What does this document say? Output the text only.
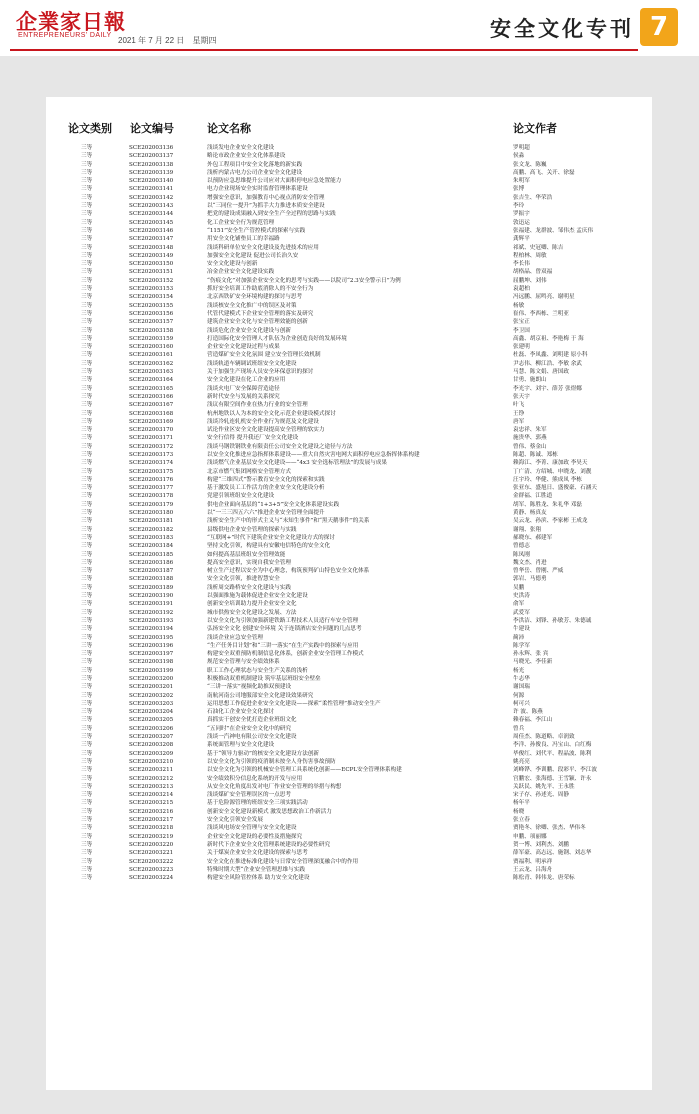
企業家日報
ENTREPRENEURS' DAILY
2021 年 7 月 22 日 星期四	安全文化专刊 7
论文类别 论文编号	论文名称	论文作者
三等	SCE202003136	浅谈发电企业安全文化建设	罗明超
三等	SCE202003137	略论市政企业安全文化体系建设	侯淼
三等	SCE202003138	外包工程项目中安全文化落地的新实践	张文龙、陈巍
三等	SCE202003139	浅析内蒙古电力公司企业安全文化建设	高鹏、高飞、关开、徐磊
三等	SCE202003140	以预防应急思维提升公司应对大面积停电应急处置能力	朱明军
三等	SCE202003141	电力企业现场安全实时监督管理体系建设	张博
三等	SCE202003142	增强安全意识，加强教育中心视点消防安全管理	张吉生、华荣浩
三等	SCE202003143	以“三同位一提升”为抓手大力推进本质安全建设	李玲
三等	SCE202003144	把党的建设成果融入到安全生产全过程的思路与实践	罗振宇
三等	SCE202003145	化工企业安全行为规范管理	敦迅运
三等	SCE202003146	“1151”安全生产管控模式的探索与实践	张福建、龙群波、邹伟杰 孟庆伟
三等	SCE202003147	用安全文化铺垫员工的幸福路	龚辉平
三等	SCE202003148	浅谈科研单位安全文化建设及先进技术的应用	祁斌、史冠卿、陈吉
三等	SCE202003149	加强安全文化建设 促进公司长治久安	程柏林、周敏
三等	SCE202003150	安全文化建设与创新	李长伟
三等	SCE202003151	冶金企业安全文化建设实践	胡格晶、曾双福
三等	SCE202003152	“伤痕文化”对加强企业安全文化的思考与实践——以院司“2.3安全警示日”为例	屈鹏坤、刘伟
三等	SCE202003153	抓好安全培训工作助底消除人的不安全行为	袁超柏
三等	SCE202003154	北京西铁矿安全环境构建的探讨与思考	冯远鹏、屈鸣亮、谢明星
三等	SCE202003155	浅谈核安全文化推广中的误区及对策	杨敏
三等	SCE202003156	代管代建模式下企业安全管理的落实及研究	崔伟、李西栋、兰明亚
三等	SCE202003157	建筑企业安全文化与安全管理效能的创新	张宝正
三等	SCE202003158	浅谈危化企业安全文化建设与创新	李卫国
三等	SCE202003159	打造国际化安全管理人才队伍为企业创造良好的发展环境	高鑫、胡京祖、李艳梅 于 海
三等	SCE202003160	企业安全文化建设过程与成果	张建明
三等	SCE202003161	营造煤矿安全文化氛围 建立安全管理长效机制	杜磊、李凤鑫、刘明建 原小科
三等	SCE202003162	浅谈轨道车辆调试班组安全文化建设	尹志伟、柳江浩、李敏 余武
三等	SCE202003163	关于加强生产现场人员安全环保意识的探讨	马慧、陈文娟、唐国政
三等	SCE202003164	安全文化建设在化工企业的应用	甘勇、施朗山
三等	SCE202003165	浅谈火电厂安全保障营造途径	李光宇、刘宇、薛芳 张煜娜
三等	SCE202003166	新时代安全与发展的关系探究	张天宇
三等	SCE202003167	浅议有限空间作业在热力行业的安全管理	叶飞
三等	SCE202003168	杭州地铁以人为本的安全文化示范企业建设模式探讨	王铮
三等	SCE202003169	浅谈冷轧连轧机安全作业行为规范及文化建设	唐军
三等	SCE202003170	试论作业区安全文化建设提高安全管理的软实力	袁忠祥、朱军
三等	SCE202003171	安全行信得 提升我还厂安全文化建设	施贵华、郭燕
三等	SCE202003172	浅谈马钢铁钢铁业有限责任公司安全文化建设之途径与方法	曾伟、蔡金山
三等	SCE202003173	以安全文化推进应急指挥体系建设——重大自然灾害电网大面积停电应急指挥体系构建	陈超、陈诚、郑栋
三等	SCE202003174	浅谈燃气企业基层安全文化建设——“4x3 安全选标管理法”的发展与成果	赖海江、李菁、康加政 李昊天
三等	SCE202003175	北京市燃气集团网格安全管理方式	丁广清、方绍城、申晓龙、刘靓
三等	SCE202003176	构建“三维四式”警示教育安全文化的探索和实践	汪宇玲、华健、熊成凤 李栋
三等	SCE202003177	基于激发员工工作活力的企业安全文化建设分析	张亚东、盛旭日、盛俊豪、石涵天
三等	SCE202003178	党建引领班组安全文化建设	金群福、江胜道
三等	SCE202003179	供电企业面向基层的“1+3+5”安全文化体系建设实践	胡军、陈胜龙、朱礼华 邓磊
三等	SCE202003180	以“一三三四五六六”推进企业安全管理全面提升	黄静、杨真友
三等	SCE202003181	浅析安全生产中的形式主义与“未知生事件”和“黑天鹅事件”的关系	吴云龙、孙滨、李家彬 王成龙
三等	SCE202003182	县级供电企业安全管理的探索与实践	谢翔、张翔
三等	SCE202003183	“互联网+”时代下建筑企业安全文化建设方式的探讨	郝晓东、郝建军
三等	SCE202003184	坚持文化引领，构建具有安徽电信特色的安全文化	曾德志
三等	SCE202003185	如何提高基层班组安全管理效能	陈凤刚
三等	SCE202003186	提高安全意识，实现自我安全管理	魏文杰、肖进
三等	SCE202003187	树立生产过程以安全为中心理念，构筑预判矿山特色安全文化体系	曾华岳、曾刚、严威
三等	SCE202003188	安全文化引领，推进智慧安全	郭岩、马德勇
三等	SCE202003189	浅析周交路桥安全文化建设与实践	吴鹏
三等	SCE202003190	以强面推施为载体促进企业安全文化建设	史洪涛
三等	SCE202003191	创新安全培训助力提升企业安全文化	俞军
三等	SCE202003192	城市供热安全文化建设之发展、方法	武爱军
三等	SCE202003193	以安全文化为引领加强新建铁路工程技术人员适行车安全管理	李洪洁、刘锋、孙敏芳、朱德诚
三等	SCE202003194	弘扬安全文化 创建安全环境 关于连锁酒店安全问题的几点思考	牛建设
三等	SCE202003195	浅谈企业应急安全管理	蔺沛
三等	SCE202003196	“生产任务目计划”和“三讲一落实”在生产实践中的探索与应用	陈学军
三等	SCE202003197	构建安全双重预防机制信息化体系，创新企业安全管理工作模式	孙永辉、张 宾
三等	SCE202003198	规范安全管理与安全绩效体系	马晓光、李佳新
三等	SCE202003199	职工工作心理状态与安全生产关系的浅析	杨光
三等	SCE202003200	积极推动双重机制建设 筑牢基层班组安全壁垒	牛志华
三等	SCE202003201	“三讲一落实”视频化助推双预建设	谢国瑞
三等	SCE202003202	南航河南公司地服部安全文化建设效果研究	何源
三等	SCE202003203	运用思想工作促进企业安全文化建设——探索“柔性管理”推动安全生产	柯可兴
三等	SCE202003204	石油化工企业安全文化探讨	许 波、陈燕
三等	SCE202003205	真抓实干创安全优打造企业班组文化	赖春福、李江山
三等	SCE202003206	“五同时”在企业安全文化中的研究	曾兵
三等	SCE202003207	浅谈一汽神电有限公司安全文化建设	周佳杰、陈道略、卓润致
三等	SCE202003208	系统面管理与安全文化建设	李洋、孙俊良、冯宝山、白红梅
三等	SCE202003209	基于“领导力驱动”的核安全文化建设方法创新	毕俊红、刘代平、程晶波、陈利
三等	SCE202003210	以安全文化为引领的疫消制未按全人身伤害事故预防	姚亮亮
三等	SCE202003211	以安全文化为引领的机械安全管理工具系统化创新——ECPL安全管理体系构建	刘峰铧、李训鹏、段彩平、李江波
三等	SCE202003212	安全绩效积分信息化系统的开发与应用	宫鹏宏、张海德、王雪颖、许永
三等	SCE202003213	从安全文化角度出发对电厂作业安全管理的举措与构想	关跃民、姚先平、王永胜
三等	SCE202003214	浅谈煤矿安全管理误区的一点思考	宋子存、孙述光、周静
三等	SCE202003215	基于危险源管理的班组安全三项实践活动	杨年平
三等	SCE202003216	创新安全文化建设新模式 激发思想政治工作新活力	杨晓
三等	SCE202003217	安全文化引领安全发展	张立春
三等	SCE202003218	浅谈风电场安全管理与安全文化建设	贾艳冬、徐卿、张杰、华伟冬
三等	SCE202003219	企业安全文化建设的必要性及措施探究	申鹏、项丽娜
三等	SCE202003220	新时代下企业安全文化管理系统建设的必要性研究	贺一博、刘利杰、刘鹏
三等	SCE202003221	关于煤炭企业安全文化建设的探索与思考	薛军豪、高志远、施钢、刘志华
三等	SCE202003222	安全文化在推进标准化建设与日常安全管理深度融合中的作用	贾福利、明承祥
三等	SCE202003223	特殊时期大型“企业安全管理思维与实践	王云龙、吕海舟
三等	SCE202003224	构建安全风险管控体系 助力安全文化建设	陈松青、韩伟龙、唐荣标
